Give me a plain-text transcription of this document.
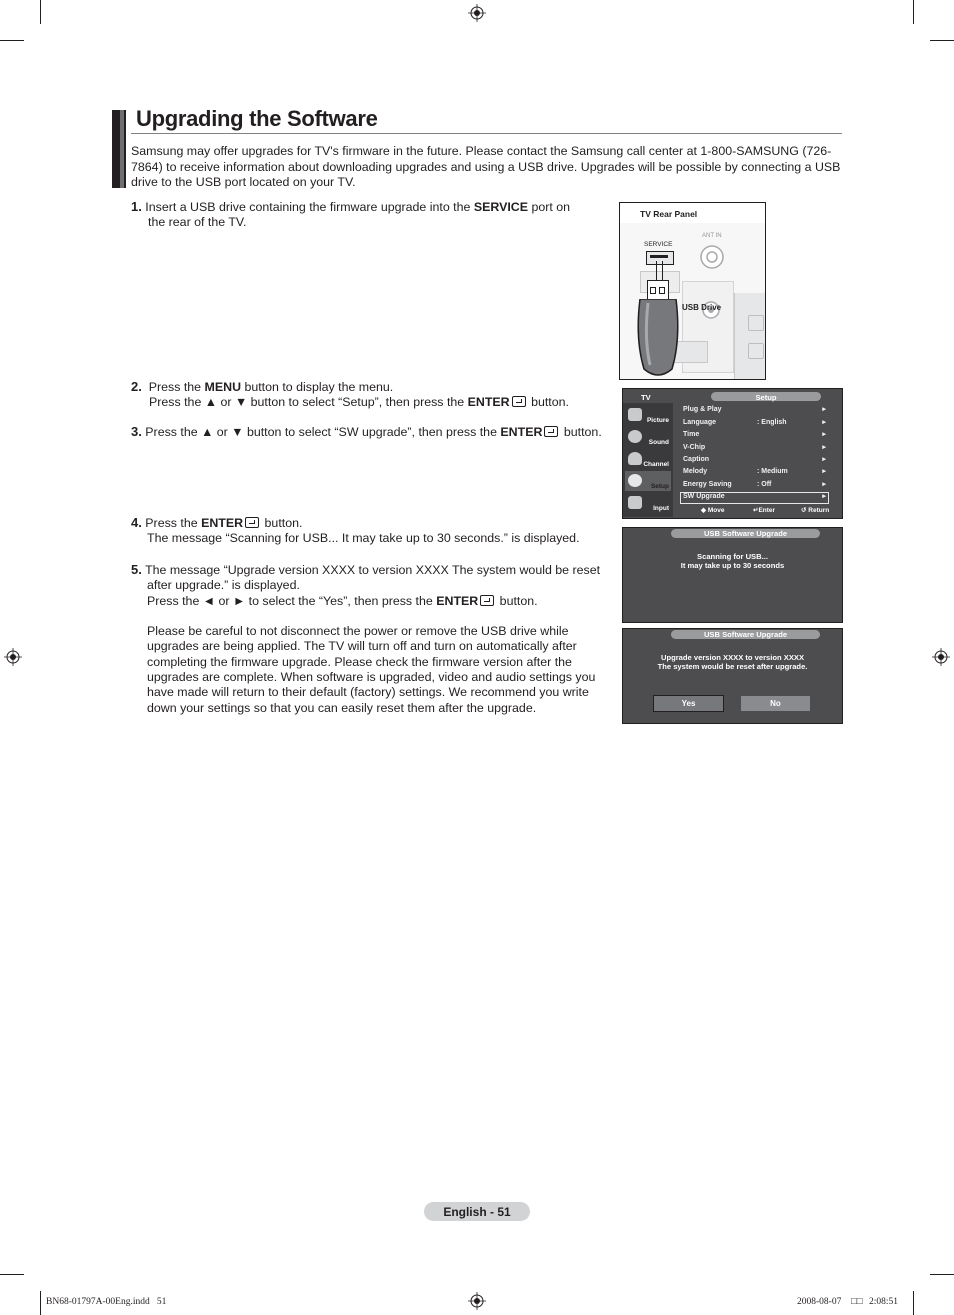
Upgrading the Software
Samsung may offer upgrades for TV's firmware in the future. Please contact the Samsung call center at 1-800-SAMSUNG (726-7864) to receive information about downloading upgrades and using a USB drive. Upgrades will be possible by connecting a USB drive to the USB port located on your TV.
1. Insert a USB drive containing the firmware upgrade into the SERVICE port on
the rear of the TV.
TV Rear Panel
SERVICE
ANT IN
USB Drive
2. Press the MENU button to display the menu.
Press the ▲ or ▼ button to select “Setup”, then press the ENTER button.
3. Press the ▲ or ▼ button to select “SW upgrade”, then press the ENTER button.
TV	Setup
Picture
Sound
Channel
Setup
Input
Plug & Play	►
Language	: English	►
Time	►
V-Chip	►
Caption	►
Melody	: Medium	►
Energy Saving	: Off	►
SW Upgrade	►
◆ Move	↵Enter	↺ Return
4. Press the ENTER button.
The message “Scanning for USB... It may take up to 30 seconds.” is displayed.	USB Software Upgrade
Scanning for USB...
It may take up to 30 seconds
5. The message “Upgrade version XXXX to version XXXX The system would be reset
after upgrade.” is displayed.
Press the ◄ or ► to select the “Yes”, then press the ENTER button.
Please be careful to not disconnect the power or remove the USB drive while
upgrades are being applied. The TV will turn off and turn on automatically after
completing the firmware upgrade. Please check the firmware version after the
upgrades are complete. When software is upgraded, video and audio settings you
have made will return to their default (factory) settings. We recommend you write
down your settings so that you can easily reset them after the upgrade.
USB Software Upgrade
Upgrade version XXXX to version XXXX
The system would be reset after upgrade.
Yes	No
English - 51
BN68-01797A-00Eng.indd   51	2008-08-07 □□ 2:08:51
